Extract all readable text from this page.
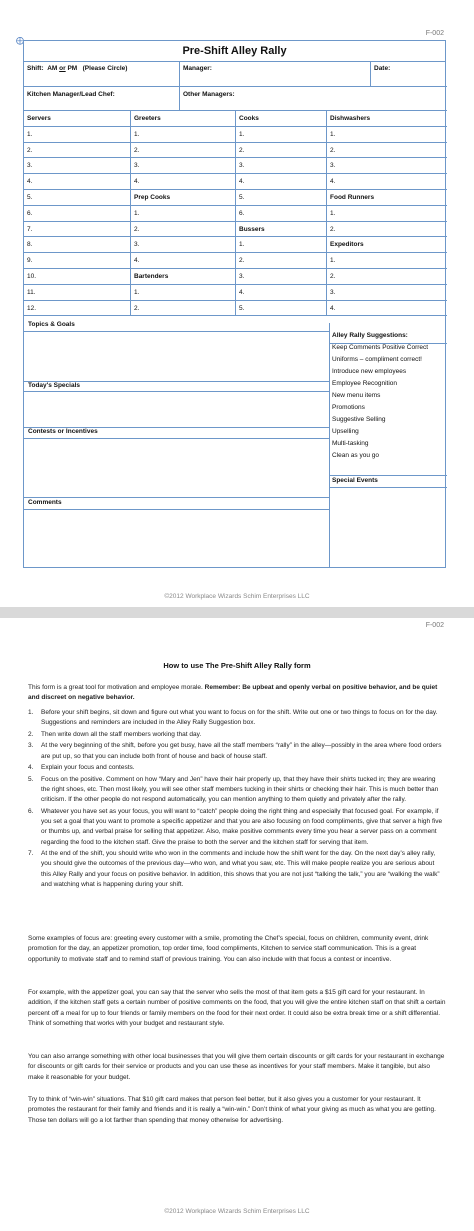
F-002
⨁
Pre-Shift Alley Rally
Shift: AM or PM (Please Circle)	Manager:	Date:
Kitchen Manager/Lead Chef:	Other Managers:
Servers	Greeters	Cooks	Dishwashers
1.	1.	1.	1.
2.	2.	2.	2.
3.	3.	3.	3.
4.	4.	4.	4.
5.	Prep Cooks	5.	Food Runners
6.	1.	6.	1.
7.	2.	Bussers	2.
8.	3.	1.	Expeditors
9.	4.	2.	1.
10.	Bartenders	3.	2.
11.	1.	4.	3.
12.	2.	5.	4.
Topics & Goals
Today's Specials
Contests or Incentives
Comments
Alley Rally Suggestions:
Keep Comments Positive Correct
Uniforms – compliment correct!
Introduce new employees
Employee Recognition
New menu items
Promotions
Suggestive Selling
Upselling
Multi-tasking
Clean as you go
Special Events
©2012 Workplace Wizards Schim Enterprises LLC
F-002
How to use The Pre-Shift Alley Rally form
This form is a great tool for motivation and employee morale. Remember: Be upbeat and openly verbal on positive behavior, and be quiet and discreet on negative behavior.
1. Before your shift begins, sit down and figure out what you want to focus on for the shift. Write out one or two things to focus on for the day. Suggestions and reminders are included in the Alley Rally Suggestion box.
2. Then write down all the staff members working that day.
3. At the very beginning of the shift, before you get busy, have all the staff members “rally” in the alley—possibly in the area where food orders are put up, so that you can include both front of house and back of house staff.
4. Explain your focus and contests.
5. Focus on the positive. Comment on how “Mary and Jen” have their hair properly up, that they have their shirts tucked in; they are wearing the right shoes, etc. Then most likely, you will see other staff members tucking in their shirts or checking their hair. This is much better than criticism. If the other people do not respond automatically, you can mention anything to them quietly and privately after the rally.
6. Whatever you have set as your focus, you will want to “catch” people doing the right thing and especially that focused goal. For example, if you set a goal that you want to promote a specific appetizer and that you are also focusing on food compliments, give that server a high five or thumbs up, and verbal praise for selling that appetizer. Also, make positive comments every time you hear a server pass on a comment regarding the food to the kitchen staff. Give the praise to both the server and the kitchen staff for serving that item.
7. At the end of the shift, you should write who won in the comments and include how the shift went for the day. On the next day’s alley rally, you should give the outcomes of the previous day—who won, and what you saw, etc. This will make people realize you are serious about this Alley Rally and your focus on positive behavior. In addition, this shows that you are not just “talking the talk,” you are “walking the walk” and watching what is happening during your shift.
Some examples of focus are: greeting every customer with a smile, promoting the Chef’s special, focus on children, community event, drink promotion for the day, an appetizer promotion, top order time, food compliments, Kitchen to service staff communication. This is a great opportunity to motivate staff and to remind staff of previous training. You can also include with that focus a contest or incentive.
For example, with the appetizer goal, you can say that the server who sells the most of that item gets a $15 gift card for your restaurant. In addition, if the kitchen staff gets a certain number of positive comments on the food, that you will give the entire kitchen staff on that shift a certain percent off a meal for up to four friends or family members on the food for their next order. It could also be extra break time or a shift differential. Think of something that works with your budget and restaurant style.
You can also arrange something with other local businesses that you will give them certain discounts or gift cards for your restaurant in exchange for discounts or gift cards for their service or products and you can use these as incentives for your staff members. Make it tangible, but also make it reasonable for your budget.
Try to think of “win-win” situations. That $10 gift card makes that person feel better, but it also gives you a customer for your restaurant. It promotes the restaurant for their family and friends and it is really a “win-win.” Don’t think of what your giving as much as what you are getting. Those ten dollars will go a lot farther than spending that money otherwise for advertising.
©2012 Workplace Wizards Schim Enterprises LLC
